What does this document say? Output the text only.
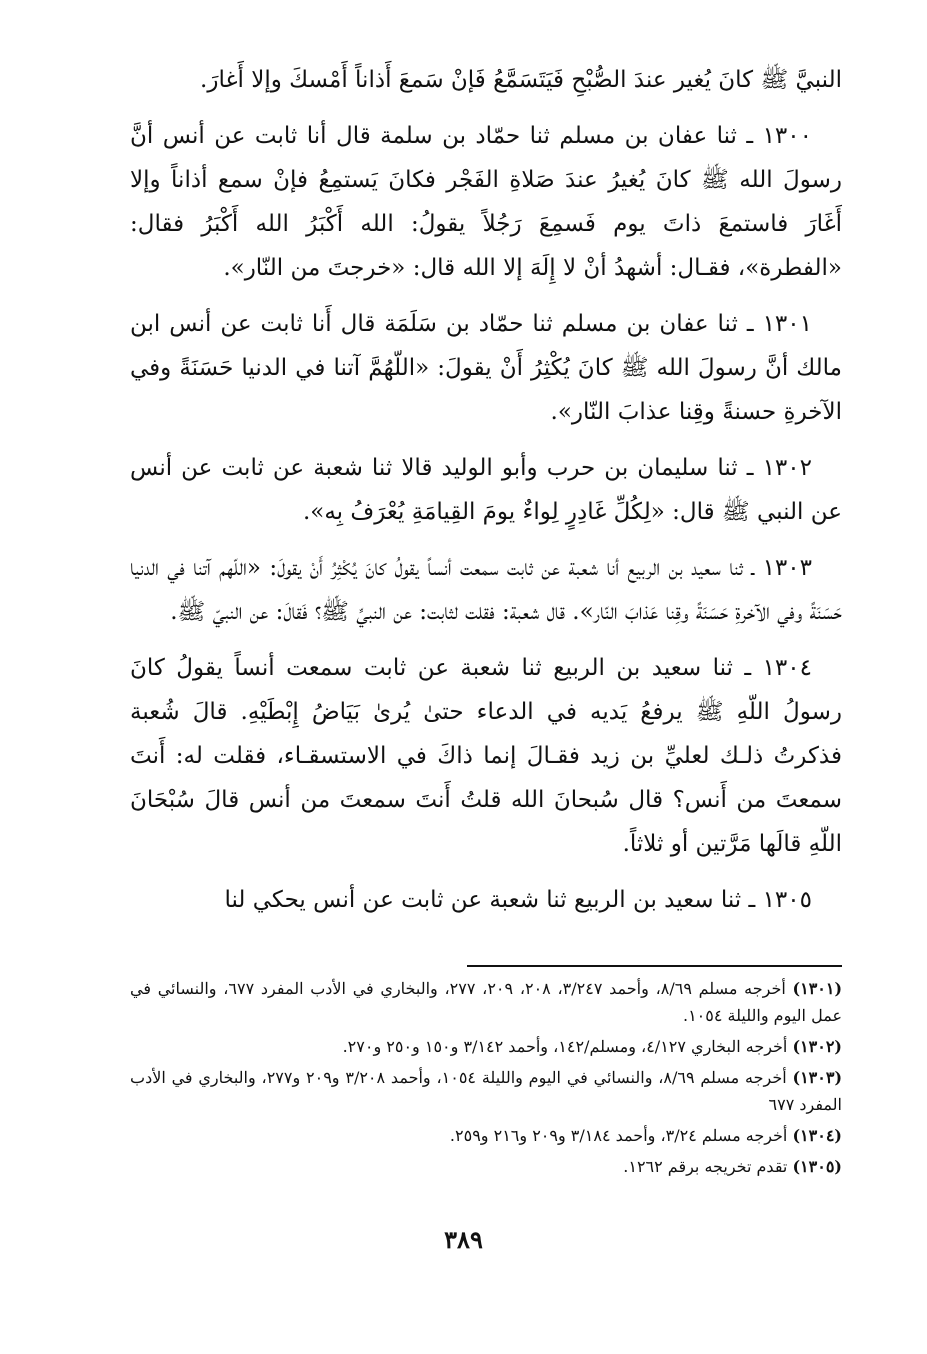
النبيَّ ﷺ كانَ يُغير عندَ الصُّبْحِ فَيَتَسَمَّعُ فَإنْ سَمعَ أَذاناً أَمْسكَ وإلا أَغارَ.

١٣٠٠ ـ ثنا عفان بن مسلم ثنا حمّاد بن سلمة قال أنا ثابت عن أنس أنَّ رسولَ الله ﷺ كانَ يُغيرُ عندَ صَلاةِ الفَجْر فكانَ يَستمِعُ فإنْ سمع أذاناً وإلا أَغَارَ فاستمعَ ذاتَ يوم فَسمِعَ رَجُلاً يقولُ: الله أَكْبَرُ الله أَكْبَرُ فقال: «الفطرة»، فقـال: أشهدُ أنْ لا إِلَهَ إلا الله قال: «خرجتَ من النّار».

١٣٠١ ـ ثنا عفان بن مسلم ثنا حمّاد بن سَلَمَة قال أَنا ثابت عن أنس ابن مالك أنَّ رسولَ الله ﷺ كانَ يُكْثِرُ أَنْ يقولَ: «اللّهُمَّ آتنا في الدنيا حَسَنَةً وفي الآخرةِ حسنةً وقِنا عذابَ النّار».

١٣٠٢ ـ ثنا سليمان بن حرب وأبو الوليد قالا ثنا شعبة عن ثابت عن أنس عن النبي ﷺ قال: «لِكُلِّ غَادِرٍ لِواءٌ يومَ القِيامَةِ يُعْرَفُ بِه».

١٣٠٣ ـ ثنا سعيد بن الربيع أنا شعبة عن ثابت سمعت أنساً يقولُ كانَ يُكْثِرُ أَنْ يقولَ: «اللّهم آتنا في الدنيا حَسَنَةً وفي الآخرةِ حَسَنَةً وقِنا عَذابَ النّار». قال شعبة: فقلت لثابت: عن النبيِّ ﷺ؟ فَقالَ: عن النبيّ ﷺ.

١٣٠٤ ـ ثنا سعيد بن الربيع ثنا شعبة عن ثابت سمعت أنساً يقولُ كانَ رسولُ اللّهِ ﷺ يرفعُ يَديه في الدعاء حتىٰ يُرىٰ بَيَاضُ إِبْطَيْهِ. قالَ شُعبة فذكرتُ ذلـك لعليِّ بن زيد فقـالَ إنما ذاكَ في الاستسقـاء، فقلت له: أَنتَ سمعتَ من أَنس؟ قال سُبحانَ الله قلتُ أَنتَ سمعتَ من أنس قالَ سُبْحَانَ اللّهِ قالَها مَرَّتين أو ثلاثاً.

١٣٠٥ ـ ثنا سعيد بن الربيع ثنا شعبة عن ثابت عن أنس يحكي لنا

(١٣٠١) أخرجه مسلم ٨/٦٩، وأحمد ٣/٢٤٧، ٢٠٨، ٢٠٩، ٢٧٧، والبخاري في الأدب المفرد ٦٧٧، والنسائي في عمل اليوم والليلة ١٠٥٤.

(١٣٠٢) أخرجه البخاري ٤/١٢٧، ومسلم/١٤٢، وأحمد ٣/١٤٢ و١٥٠ و٢٥٠ و٢٧٠.

(١٣٠٣) أخرجه مسلم ٨/٦٩، والنسائي في اليوم والليلة ١٠٥٤، وأحمد ٣/٢٠٨ و٢٠٩ و٢٧٧، والبخاري في الأدب المفرد ٦٧٧

(١٣٠٤) أخرجه مسلم ٣/٢٤، وأحمد ٣/١٨٤ و٢٠٩ و٢١٦ و٢٥٩.

(١٣٠٥) تقدم تخريجه برقم ١٢٦٢.

٣٨٩
